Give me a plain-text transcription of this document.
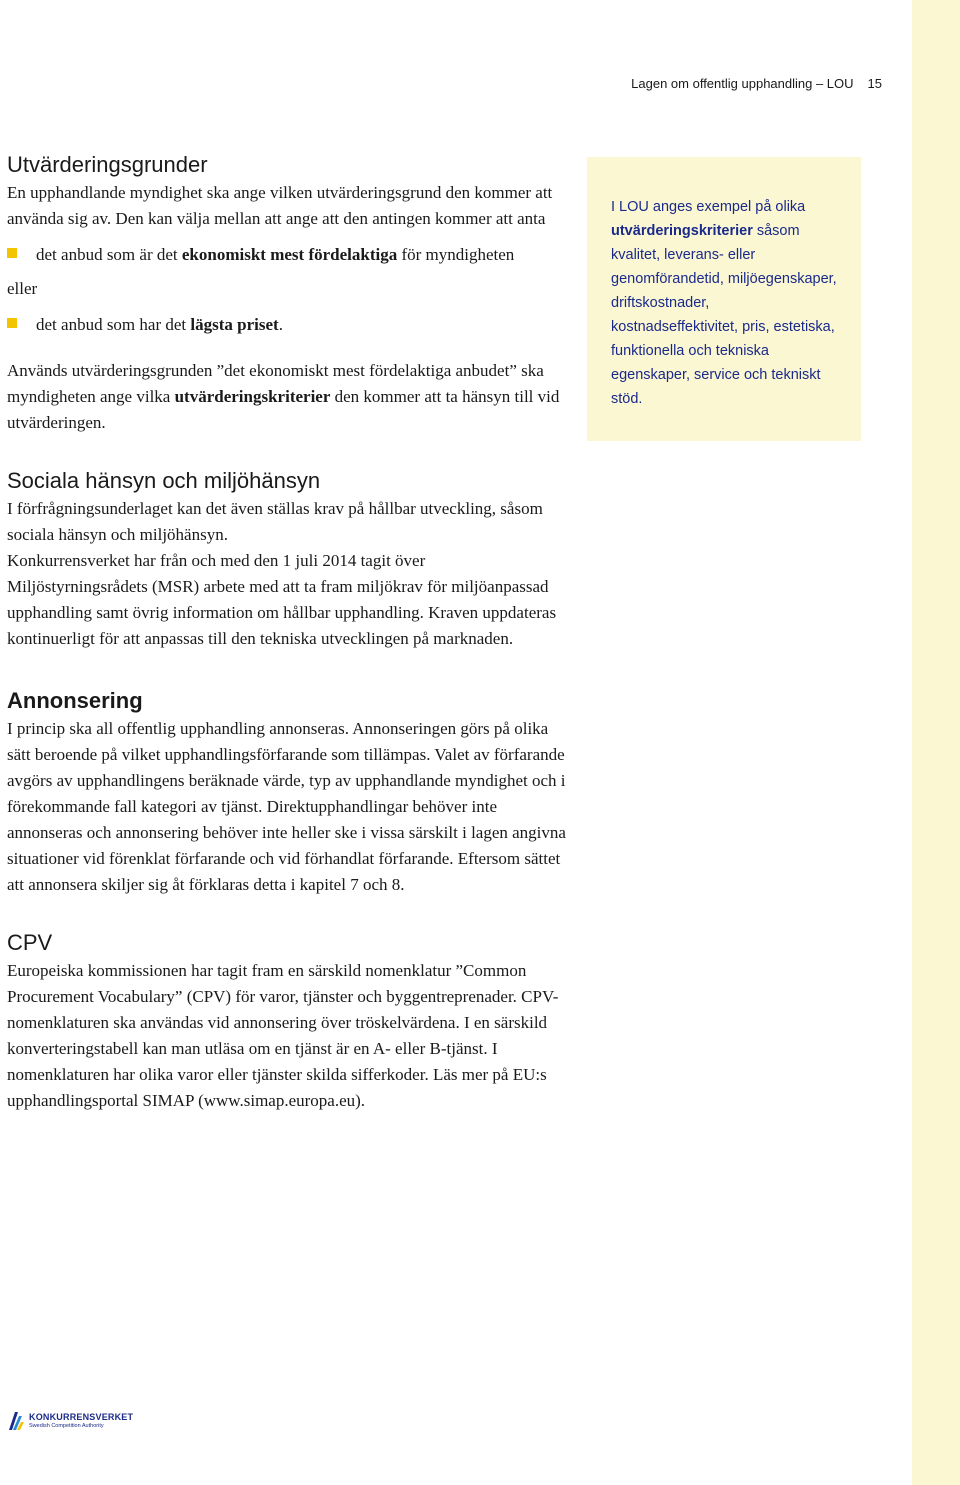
Lagen om offentlig upphandling – LOU 15
I LOU anges exempel på olika utvärderingskriterier såsom kvalitet, leverans- eller genomförandetid, miljöegenskaper, driftskostnader, kostnadseffektivitet, pris, estetiska, funktionella och tekniska egenskaper, service och tekniskt stöd.
Utvärderingsgrunder

En upphandlande myndighet ska ange vilken utvärderingsgrund den kommer att använda sig av. Den kan välja mellan att ange att den antingen kommer att anta

det anbud som är det ekonomiskt mest fördelaktiga för myndigheten
eller
det anbud som har det lägsta priset.

Används utvärderingsgrunden ”det ekonomiskt mest fördelaktiga anbudet” ska myndigheten ange vilka utvärderingskriterier den kommer att ta hänsyn till vid utvärderingen.

Sociala hänsyn och miljöhänsyn

I förfrågningsunderlaget kan det även ställas krav på hållbar utveckling, såsom sociala hänsyn och miljöhänsyn.

Konkurrensverket har från och med den 1 juli 2014 tagit över Miljöstyrningsrådets (MSR) arbete med att ta fram miljökrav för miljöanpassad upphandling samt övrig information om hållbar upphandling. Kraven uppdateras kontinuerligt för att anpassas till den tekniska utvecklingen på marknaden.

Annonsering

I princip ska all offentlig upphandling annonseras. Annonseringen görs på olika sätt beroende på vilket upphandlingsförfarande som tillämpas. Valet av förfarande avgörs av upphandlingens beräknade värde, typ av upphandlande myndighet och i förekommande fall kategori av tjänst. Direktupphandlingar behöver inte annonseras och annonsering behöver inte heller ske i vissa särskilt i lagen angivna situationer vid förenklat förfarande och vid förhandlat förfarande. Eftersom sättet att annonsera skiljer sig åt förklaras detta i kapitel 7 och 8.

CPV

Europeiska kommissionen har tagit fram en särskild nomenklatur ”Common Procurement Vocabulary” (CPV) för varor, tjänster och byggentreprenader. CPV-nomenklaturen ska användas vid annonsering över tröskelvärdena. I en särskild konverteringstabell kan man utläsa om en tjänst är en A- eller B-tjänst. I nomenklaturen har olika varor eller tjänster skilda sifferkoder. Läs mer på EU:s upphandlingsportal SIMAP (www.simap.europa.eu).

KONKURRENSVERKET
Swedish Competition Authority
